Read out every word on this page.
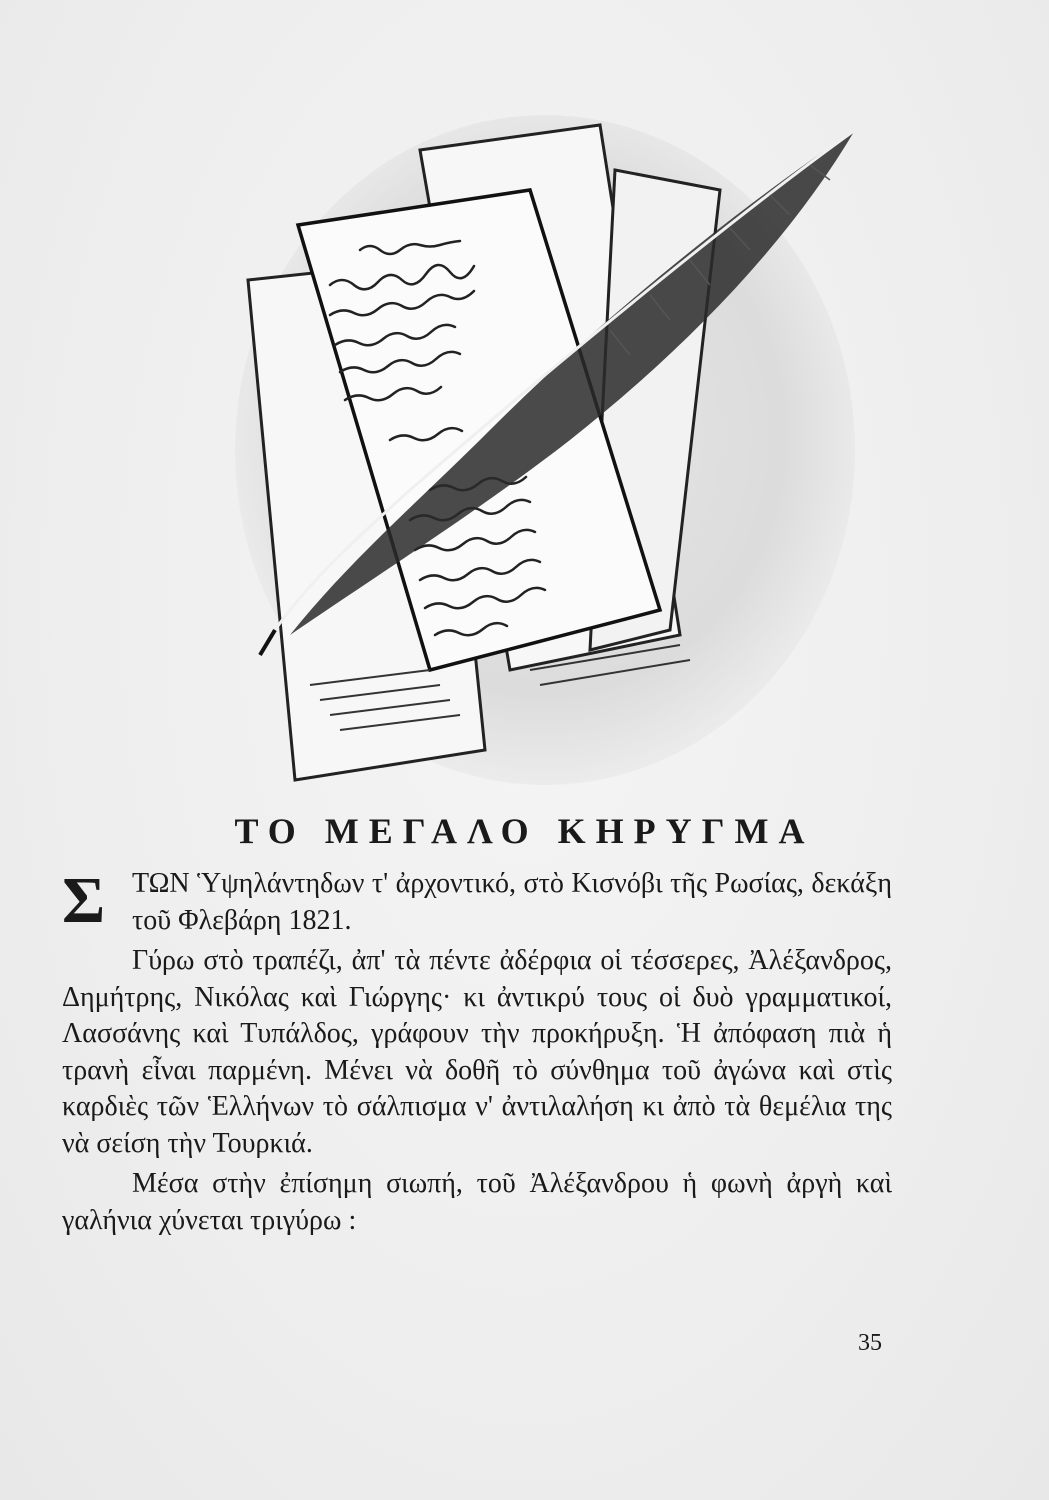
ΤΟ ΜΕΓΑΛΟ ΚΗΡΥΓΜΑ

Σ ΤΩΝ Ὑψηλάντηδων τ' ἀρχοντικό, στὸ Κισνόβι τῆς Ρωσίας, δεκάξη τοῦ Φλεβάρη 1821.

Γύρω στὸ τραπέζι, ἀπ' τὰ πέντε ἀδέρφια οἱ τέσσερες, Ἀλέξανδρος, Δημήτρης, Νικόλας καὶ Γιώργης· κι ἀντικρύ τους οἱ δυὸ γραμματικοί, Λασσάνης καὶ Τυπάλδος, γράφουν τὴν προκήρυξη. Ἡ ἀπόφαση πιὰ ἡ τρανὴ εἶναι παρμένη. Μένει νὰ δοθῆ τὸ σύνθημα τοῦ ἀγώνα καὶ στὶς καρδιὲς τῶν Ἑλλήνων τὸ σάλπισμα ν' ἀντιλαλήση κι ἀπὸ τὰ θεμέλια της νὰ σείση τὴν Τουρκιά.

Μέσα στὴν ἐπίσημη σιωπή, τοῦ Ἀλέξανδρου ἡ φωνὴ ἀργὴ καὶ γαλήνια χύνεται τριγύρω :

35
